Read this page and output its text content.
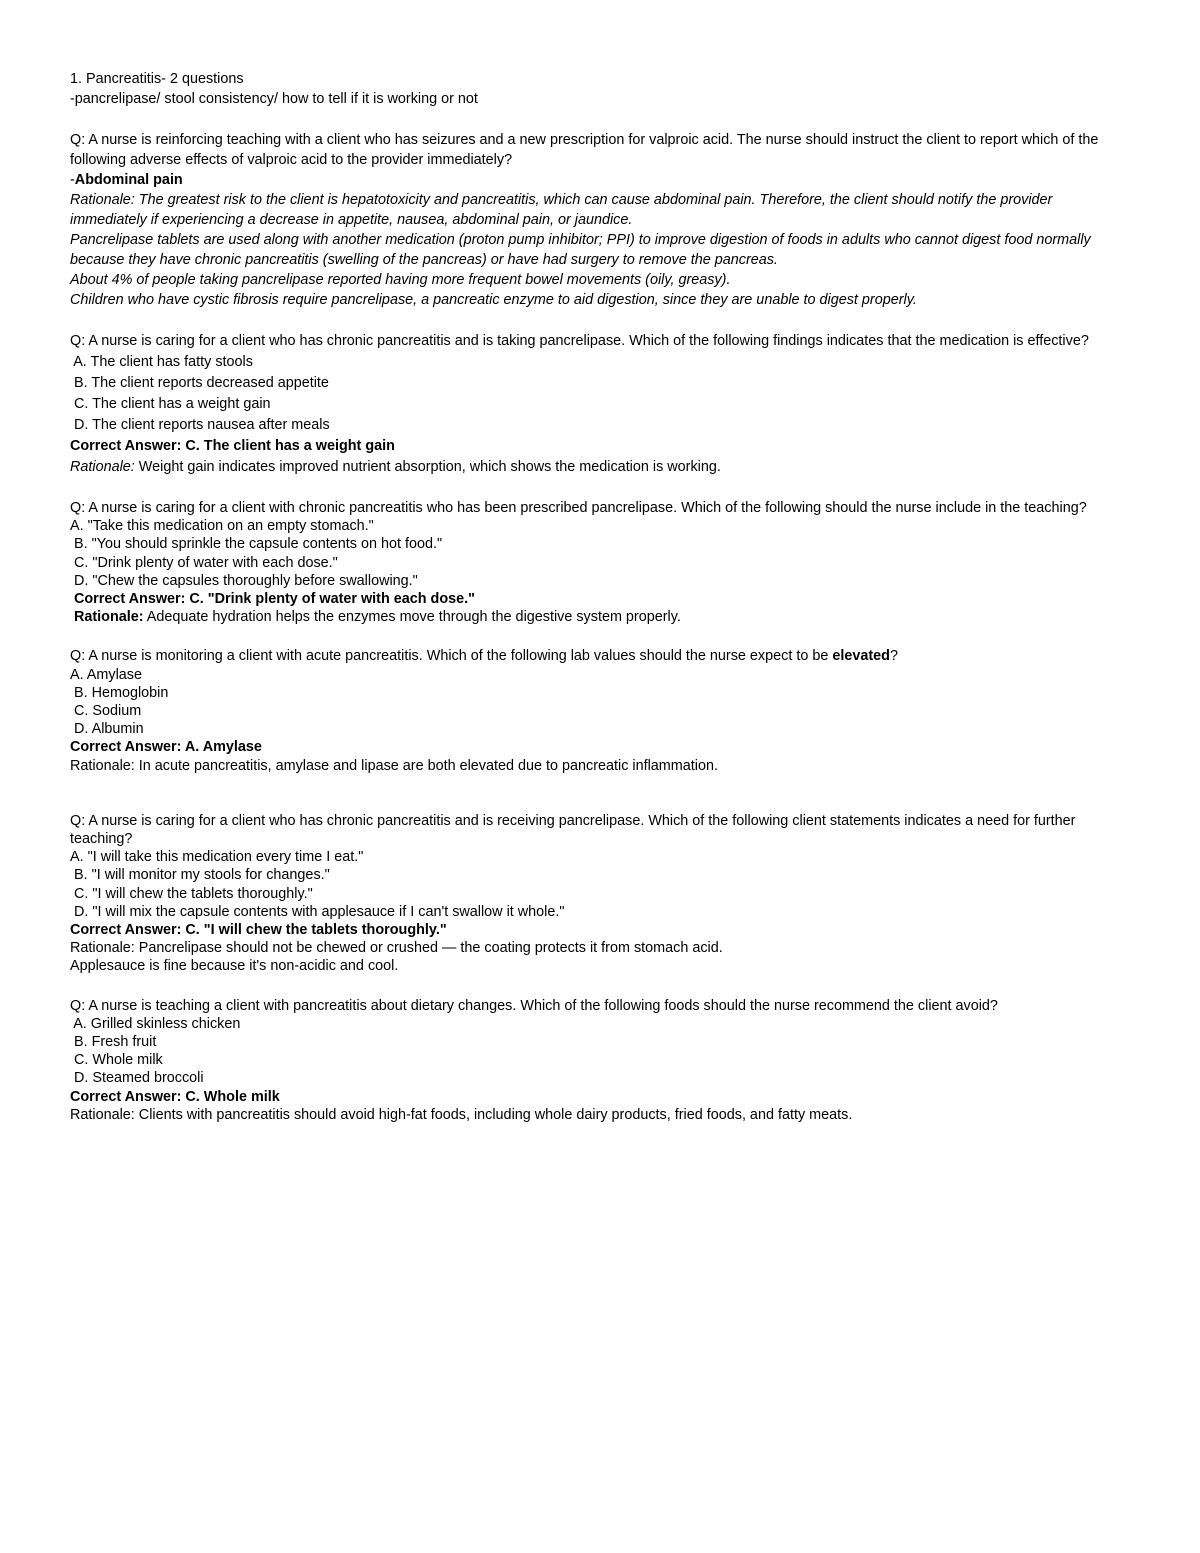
1. Pancreatitis- 2 questions
-pancrelipase/ stool consistency/ how to tell if it is working or not
Q: A nurse is reinforcing teaching with a client who has seizures and a new prescription for valproic acid. The nurse should instruct the client to report which of the following adverse effects of valproic acid to the provider immediately?
-Abdominal pain
Rationale: The greatest risk to the client is hepatotoxicity and pancreatitis, which can cause abdominal pain. Therefore, the client should notify the provider immediately if experiencing a decrease in appetite, nausea, abdominal pain, or jaundice.
Pancrelipase tablets are used along with another medication (proton pump inhibitor; PPI) to improve digestion of foods in adults who cannot digest food normally because they have chronic pancreatitis (swelling of the pancreas) or have had surgery to remove the pancreas.
About 4% of people taking pancrelipase reported having more frequent bowel movements (oily, greasy).
Children who have cystic fibrosis require pancrelipase, a pancreatic enzyme to aid digestion, since they are unable to digest properly.
Q: A nurse is caring for a client who has chronic pancreatitis and is taking pancrelipase. Which of the following findings indicates that the medication is effective?
A. The client has fatty stools
B. The client reports decreased appetite
C. The client has a weight gain
D. The client reports nausea after meals
Correct Answer: C. The client has a weight gain
Rationale: Weight gain indicates improved nutrient absorption, which shows the medication is working.
Q: A nurse is caring for a client with chronic pancreatitis who has been prescribed pancrelipase. Which of the following should the nurse include in the teaching?
A. "Take this medication on an empty stomach."
B. "You should sprinkle the capsule contents on hot food."
C. "Drink plenty of water with each dose."
D. "Chew the capsules thoroughly before swallowing."
Correct Answer: C. "Drink plenty of water with each dose."
Rationale: Adequate hydration helps the enzymes move through the digestive system properly.
Q: A nurse is monitoring a client with acute pancreatitis. Which of the following lab values should the nurse expect to be elevated?
A. Amylase
B. Hemoglobin
C. Sodium
D. Albumin
Correct Answer: A. Amylase
Rationale: In acute pancreatitis, amylase and lipase are both elevated due to pancreatic inflammation.
Q: A nurse is caring for a client who has chronic pancreatitis and is receiving pancrelipase. Which of the following client statements indicates a need for further teaching?
A. "I will take this medication every time I eat."
B. "I will monitor my stools for changes."
C. "I will chew the tablets thoroughly."
D. "I will mix the capsule contents with applesauce if I can't swallow it whole."
Correct Answer: C. "I will chew the tablets thoroughly."
Rationale: Pancrelipase should not be chewed or crushed — the coating protects it from stomach acid.
Applesauce is fine because it's non-acidic and cool.
Q: A nurse is teaching a client with pancreatitis about dietary changes. Which of the following foods should the nurse recommend the client avoid?
A. Grilled skinless chicken
B. Fresh fruit
C. Whole milk
D. Steamed broccoli
Correct Answer: C. Whole milk
Rationale: Clients with pancreatitis should avoid high-fat foods, including whole dairy products, fried foods, and fatty meats.
